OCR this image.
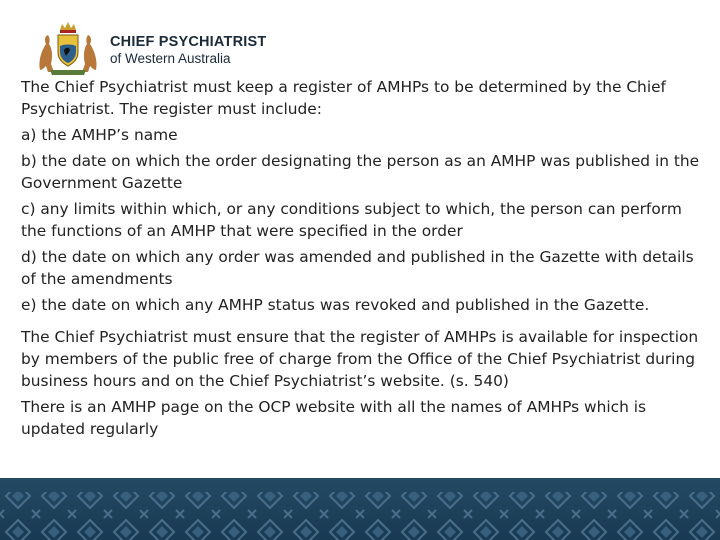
CHIEF PSYCHIATRIST
of Western Australia

The Chief Psychiatrist must keep a register of AMHPs to be determined by the Chief Psychiatrist. The register must include:

a) the AMHP’s name

b) the date on which the order designating the person as an AMHP was published in the Government Gazette

c) any limits within which, or any conditions subject to which, the person can perform the functions of an AMHP that were specified in the order

d) the date on which any order was amended and published in the Gazette with details of the amendments

e) the date on which any AMHP status was revoked and published in the Gazette.

The Chief Psychiatrist must ensure that the register of AMHPs is available for inspection by members of the public free of charge from the Office of the Chief Psychiatrist during business hours and on the Chief Psychiatrist’s website. (s. 540)

There is an AMHP page on the OCP website with all the names of AMHPs which is updated regularly
